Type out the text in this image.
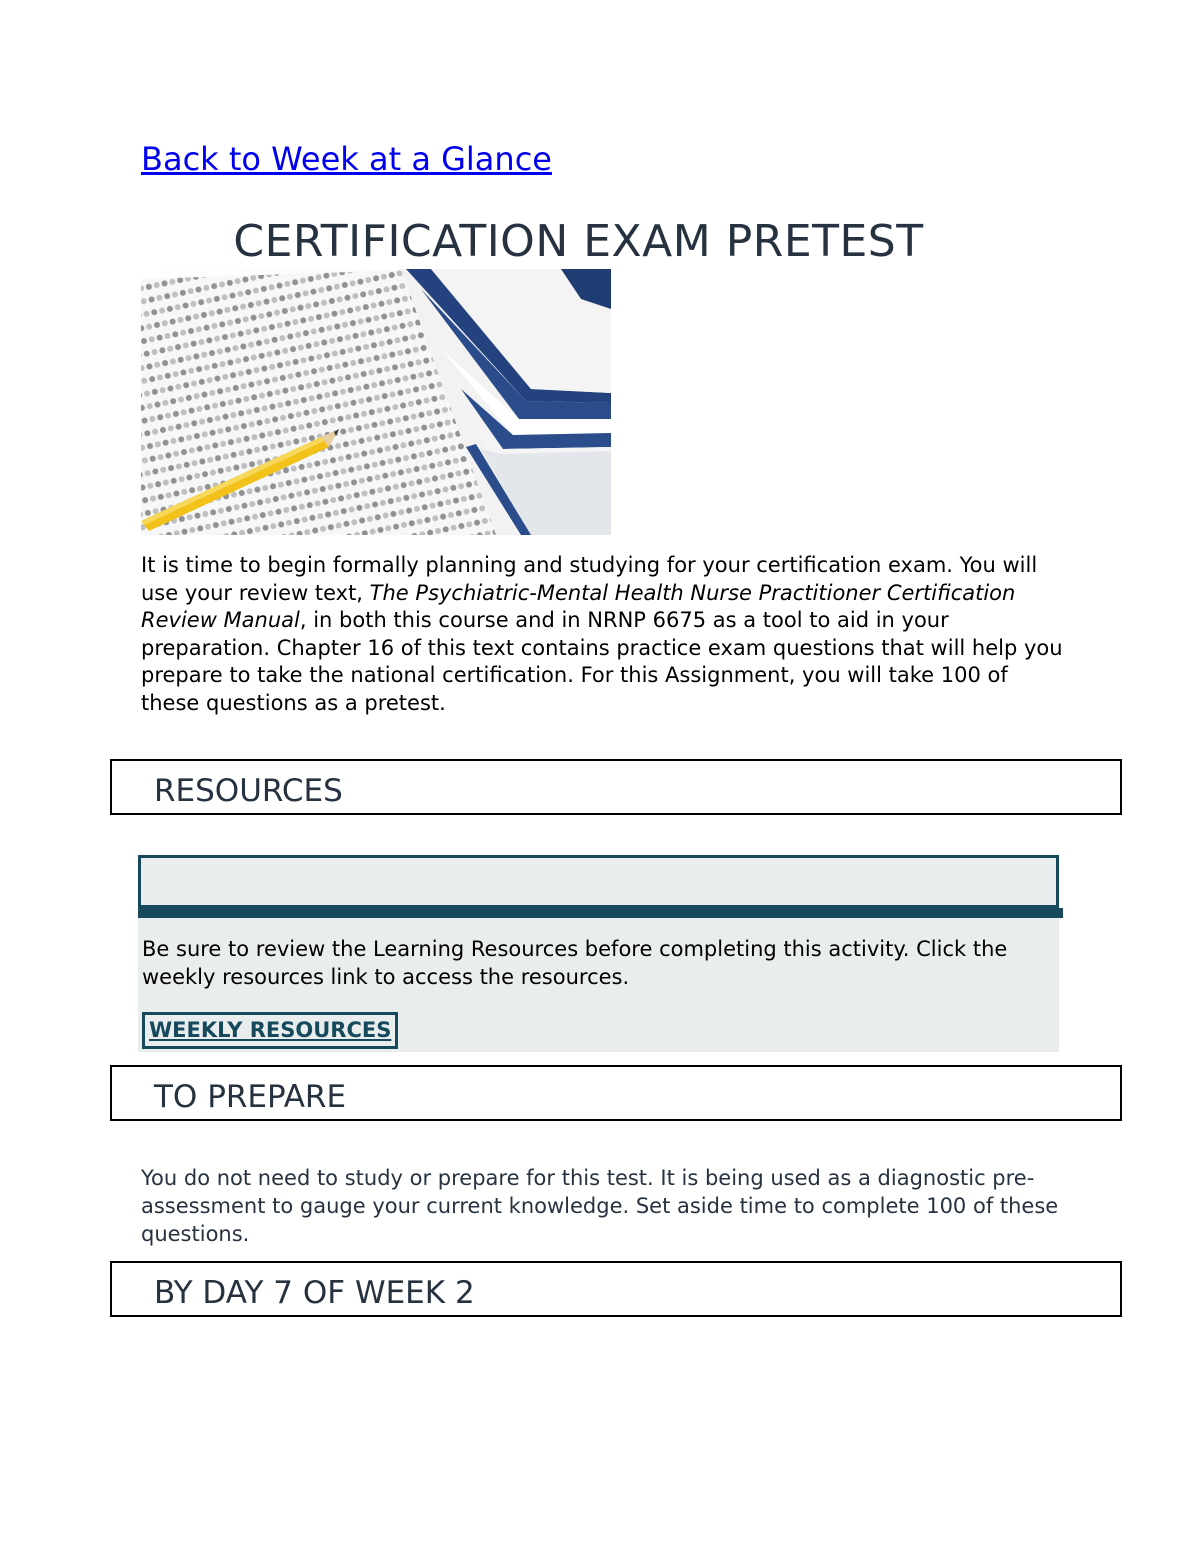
Back to Week at a Glance
CERTIFICATION EXAM PRETEST

It is time to begin formally planning and studying for your certification exam. You will use your review text, The Psychiatric-Mental Health Nurse Practitioner Certification Review Manual, in both this course and in NRNP 6675 as a tool to aid in your preparation. Chapter 16 of this text contains practice exam questions that will help you prepare to take the national certification. For this Assignment, you will take 100 of these questions as a pretest.

RESOURCES
Be sure to review the Learning Resources before completing this activity. Click the weekly resources link to access the resources.
WEEKLY RESOURCES
TO PREPARE
You do not need to study or prepare for this test. It is being used as a diagnostic pre-assessment to gauge your current knowledge. Set aside time to complete 100 of these questions.
BY DAY 7 OF WEEK 2
